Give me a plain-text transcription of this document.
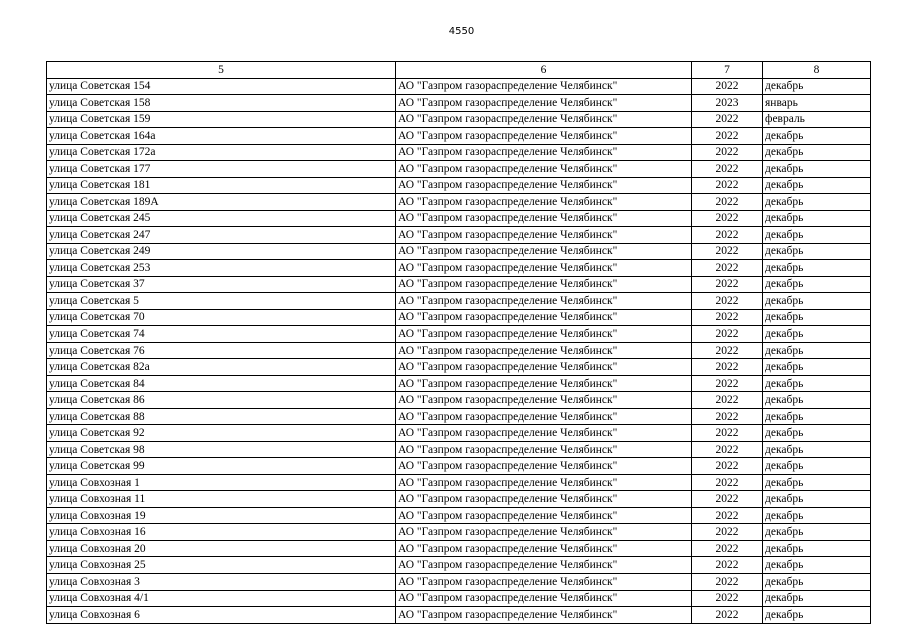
4550
5	6	7	8
улица Советская 154	АО "Газпром газораспределение Челябинск"	2022	декабрь
улица Советская 158	АО "Газпром газораспределение Челябинск"	2023	январь
улица Советская 159	АО "Газпром газораспределение Челябинск"	2022	февраль
улица Советская 164а	АО "Газпром газораспределение Челябинск"	2022	декабрь
улица Советская 172а	АО "Газпром газораспределение Челябинск"	2022	декабрь
улица Советская 177	АО "Газпром газораспределение Челябинск"	2022	декабрь
улица Советская 181	АО "Газпром газораспределение Челябинск"	2022	декабрь
улица Советская 189А	АО "Газпром газораспределение Челябинск"	2022	декабрь
улица Советская 245	АО "Газпром газораспределение Челябинск"	2022	декабрь
улица Советская 247	АО "Газпром газораспределение Челябинск"	2022	декабрь
улица Советская 249	АО "Газпром газораспределение Челябинск"	2022	декабрь
улица Советская 253	АО "Газпром газораспределение Челябинск"	2022	декабрь
улица Советская 37	АО "Газпром газораспределение Челябинск"	2022	декабрь
улица Советская 5	АО "Газпром газораспределение Челябинск"	2022	декабрь
улица Советская 70	АО "Газпром газораспределение Челябинск"	2022	декабрь
улица Советская 74	АО "Газпром газораспределение Челябинск"	2022	декабрь
улица Советская 76	АО "Газпром газораспределение Челябинск"	2022	декабрь
улица Советская 82а	АО "Газпром газораспределение Челябинск"	2022	декабрь
улица Советская 84	АО "Газпром газораспределение Челябинск"	2022	декабрь
улица Советская 86	АО "Газпром газораспределение Челябинск"	2022	декабрь
улица Советская 88	АО "Газпром газораспределение Челябинск"	2022	декабрь
улица Советская 92	АО "Газпром газораспределение Челябинск"	2022	декабрь
улица Советская 98	АО "Газпром газораспределение Челябинск"	2022	декабрь
улица Советская 99	АО "Газпром газораспределение Челябинск"	2022	декабрь
улица Совхозная 1	АО "Газпром газораспределение Челябинск"	2022	декабрь
улица Совхозная 11	АО "Газпром газораспределение Челябинск"	2022	декабрь
улица Совхозная 19	АО "Газпром газораспределение Челябинск"	2022	декабрь
улица Совхозная 16	АО "Газпром газораспределение Челябинск"	2022	декабрь
улица Совхозная 20	АО "Газпром газораспределение Челябинск"	2022	декабрь
улица Совхозная 25	АО "Газпром газораспределение Челябинск"	2022	декабрь
улица Совхозная 3	АО "Газпром газораспределение Челябинск"	2022	декабрь
улица Совхозная 4/1	АО "Газпром газораспределение Челябинск"	2022	декабрь
улица Совхозная 6	АО "Газпром газораспределение Челябинск"	2022	декабрь
